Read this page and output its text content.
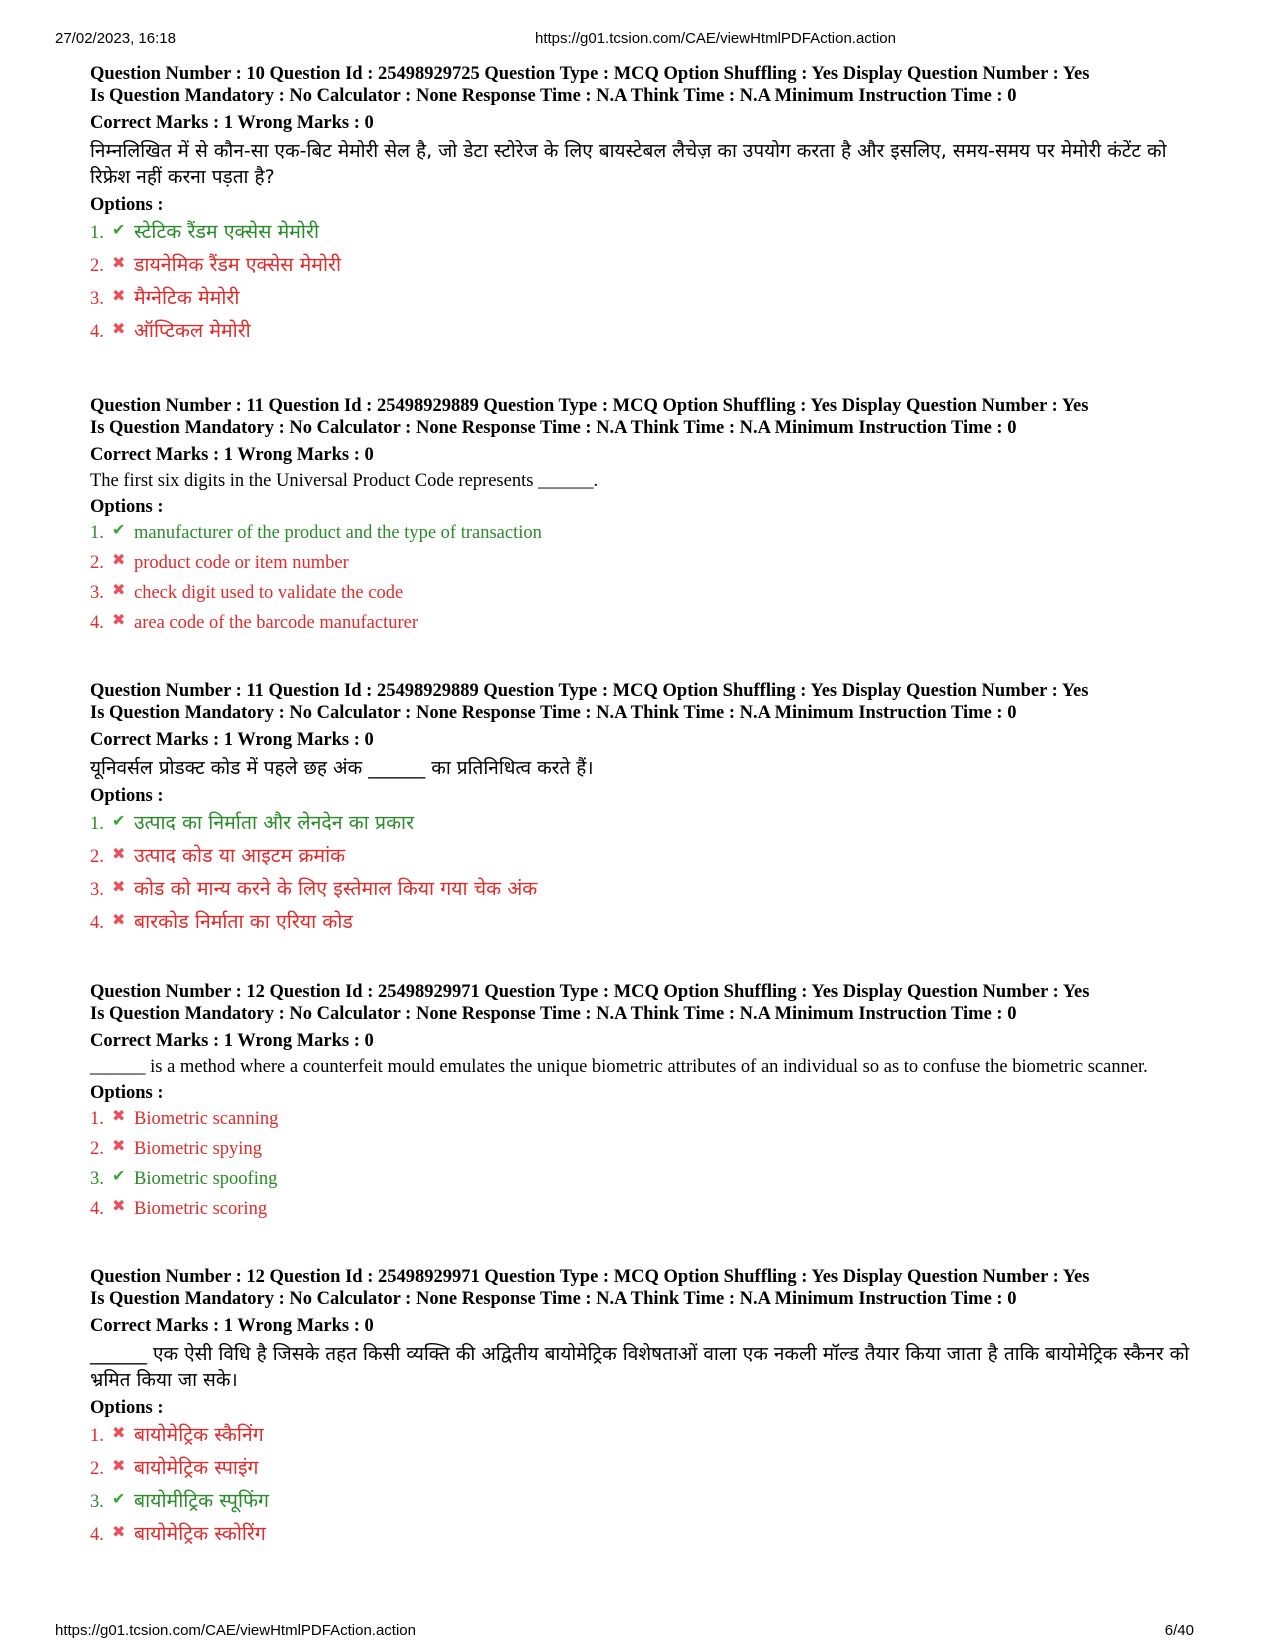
27/02/2023, 16:18	https://g01.tcsion.com/CAE/viewHtmlPDFAction.action
Question Number : 10 Question Id : 25498929725 Question Type : MCQ Option Shuffling : Yes Display Question Number : Yes
Is Question Mandatory : No Calculator : None Response Time : N.A Think Time : N.A Minimum Instruction Time : 0
Correct Marks : 1 Wrong Marks : 0
निम्नलिखित में से कौन-सा एक-बिट मेमोरी सेल है, जो डेटा स्टोरेज के लिए बायस्टेबल लैचेज़ का उपयोग करता है और इसलिए, समय-समय पर मेमोरी कंटेंट को रिफ्रेश नहीं करना पड़ता है?
Options :
1. ✔ स्टेटिक रैंडम एक्सेस मेमोरी
2. ✖ डायनेमिक रैंडम एक्सेस मेमोरी
3. ✖ मैग्नेटिक मेमोरी
4. ✖ ऑप्टिकल मेमोरी
Question Number : 11 Question Id : 25498929889 Question Type : MCQ Option Shuffling : Yes Display Question Number : Yes
Is Question Mandatory : No Calculator : None Response Time : N.A Think Time : N.A Minimum Instruction Time : 0
Correct Marks : 1 Wrong Marks : 0
The first six digits in the Universal Product Code represents ______.
Options :
1. ✔ manufacturer of the product and the type of transaction
2. ✖ product code or item number
3. ✖ check digit used to validate the code
4. ✖ area code of the barcode manufacturer
Question Number : 11 Question Id : 25498929889 Question Type : MCQ Option Shuffling : Yes Display Question Number : Yes
Is Question Mandatory : No Calculator : None Response Time : N.A Think Time : N.A Minimum Instruction Time : 0
Correct Marks : 1 Wrong Marks : 0
यूनिवर्सल प्रोडक्ट कोड में पहले छह अंक ______ का प्रतिनिधित्व करते हैं।
Options :
1. ✔ उत्पाद का निर्माता और लेनदेन का प्रकार
2. ✖ उत्पाद कोड या आइटम क्रमांक
3. ✖ कोड को मान्य करने के लिए इस्तेमाल किया गया चेक अंक
4. ✖ बारकोड निर्माता का एरिया कोड
Question Number : 12 Question Id : 25498929971 Question Type : MCQ Option Shuffling : Yes Display Question Number : Yes
Is Question Mandatory : No Calculator : None Response Time : N.A Think Time : N.A Minimum Instruction Time : 0
Correct Marks : 1 Wrong Marks : 0
______ is a method where a counterfeit mould emulates the unique biometric attributes of an individual so as to confuse the biometric scanner.
Options :
1. ✖ Biometric scanning
2. ✖ Biometric spying
3. ✔ Biometric spoofing
4. ✖ Biometric scoring
Question Number : 12 Question Id : 25498929971 Question Type : MCQ Option Shuffling : Yes Display Question Number : Yes
Is Question Mandatory : No Calculator : None Response Time : N.A Think Time : N.A Minimum Instruction Time : 0
Correct Marks : 1 Wrong Marks : 0
______ एक ऐसी विधि है जिसके तहत किसी व्यक्ति की अद्वितीय बायोमेट्रिक विशेषताओं वाला एक नकली मॉल्ड तैयार किया जाता है ताकि बायोमेट्रिक स्कैनर को भ्रमित किया जा सके।
Options :
1. ✖ बायोमेट्रिक स्कैनिंग
2. ✖ बायोमेट्रिक स्पाइंग
3. ✔ बायोमीट्रिक स्पूफिंग
4. ✖ बायोमेट्रिक स्कोरिंग
https://g01.tcsion.com/CAE/viewHtmlPDFAction.action	6/40
